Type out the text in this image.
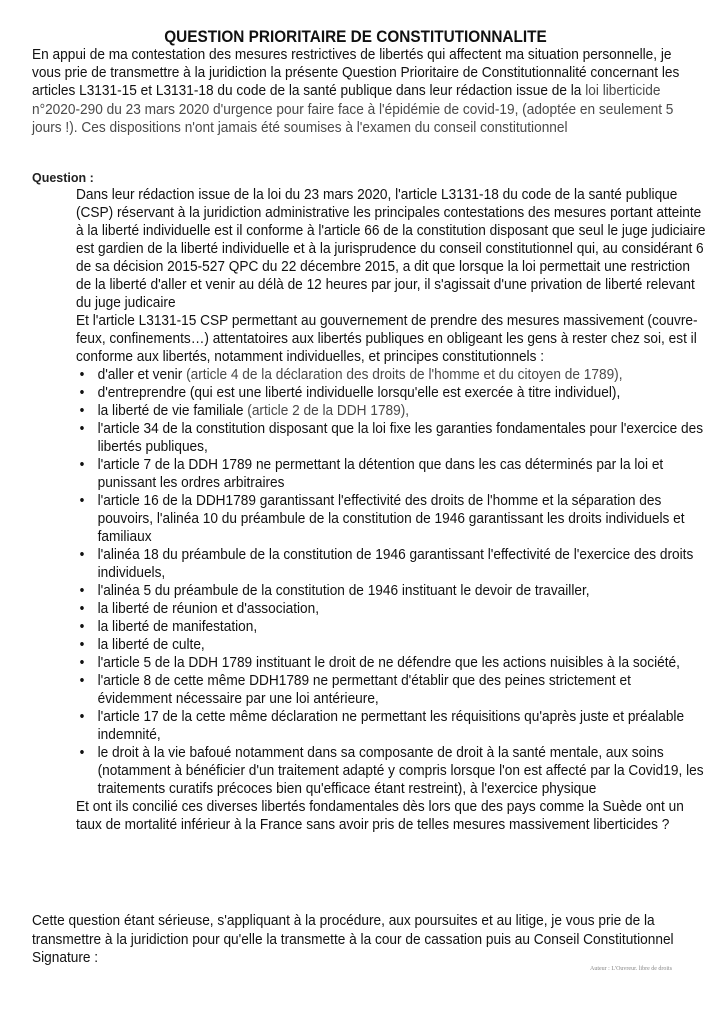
QUESTION PRIORITAIRE DE CONSTITUTIONNALITE
En appui de ma contestation des mesures restrictives de libertés qui affectent ma situation personnelle, je vous prie de transmettre à la juridiction la présente Question Prioritaire de Constitutionnalité concernant les articles L3131-15 et L3131-18 du code de la santé publique dans leur rédaction issue de la loi liberticide n°2020-290 du 23 mars 2020 d'urgence pour faire face à l'épidémie de covid-19, (adoptée en seulement 5 jours !). Ces dispositions n'ont jamais été soumises à l'examen du conseil constitutionnel
Question :

Dans leur rédaction issue de la loi du 23 mars 2020, l'article L3131-18 du code de la santé publique (CSP) réservant à la juridiction administrative les principales contestations des mesures portant atteinte à la liberté individuelle est il conforme à l'article 66 de la constitution disposant que seul le juge judiciaire est gardien de la liberté individuelle et à la jurisprudence du conseil constitutionnel qui, au considérant 6 de sa décision 2015-527 QPC du 22 décembre 2015, a dit que lorsque la loi permettait une restriction de la liberté d'aller et venir au délà de 12 heures par jour, il s'agissait d'une privation de liberté relevant du juge judicaire

Et l'article L3131-15 CSP permettant au gouvernement de prendre des mesures massivement (couvre-feux, confinements…) attentatoires aux libertés publiques en obligeant les gens à rester chez soi, est il conforme aux libertés, notamment individuelles, et principes constitutionnels :

• d'aller et venir (article 4 de la déclaration des droits de l'homme et du citoyen de 1789),
• d'entreprendre (qui est une liberté individuelle lorsqu'elle est exercée à titre individuel),
• la liberté de vie familiale (article 2 de la DDH 1789),
• l'article 34 de la constitution disposant que la loi fixe les garanties fondamentales pour l'exercice des libertés publiques,
• l'article 7 de la DDH 1789 ne permettant la détention que dans les cas déterminés par la loi et punissant les ordres arbitraires
• l'article 16 de la DDH1789 garantissant l'effectivité des droits de l'homme et la séparation des pouvoirs, l'alinéa 10 du préambule de la constitution de 1946 garantissant les droits individuels et familiaux
• l'alinéa 18 du préambule de la constitution de 1946 garantissant l'effectivité de l'exercice des droits individuels,
• l'alinéa 5 du préambule de la constitution de 1946 instituant le devoir de travailler,
• la liberté de réunion et d'association,
• la liberté de manifestation,
• la liberté de culte,
• l'article 5 de la DDH 1789 instituant le droit de ne défendre que les actions nuisibles à la société,
• l'article 8 de cette même DDH1789 ne permettant d'établir que des peines strictement et évidemment nécessaire par une loi antérieure,
• l'article 17 de la cette même déclaration ne permettant les réquisitions qu'après juste et préalable indemnité,
• le droit à la vie bafoué notamment dans sa composante de droit à la santé mentale, aux soins (notamment à bénéficier d'un traitement adapté y compris lorsque l'on est affecté par la Covid19, les traitements curatifs précoces bien qu'efficace étant restreint), à l'exercice physique

Et ont ils concilié ces diverses libertés fondamentales dès lors que des pays comme la Suède ont un taux de mortalité inférieur à la France sans avoir pris de telles mesures massivement liberticides ?

Cette question étant sérieuse, s'appliquant à la procédure, aux poursuites et au litige, je vous prie de la transmettre à la juridiction pour qu'elle la transmette à la cour de cassation puis au Conseil Constitutionnel
Signature :
Auteur : L'Ouvreur. libre de droits
